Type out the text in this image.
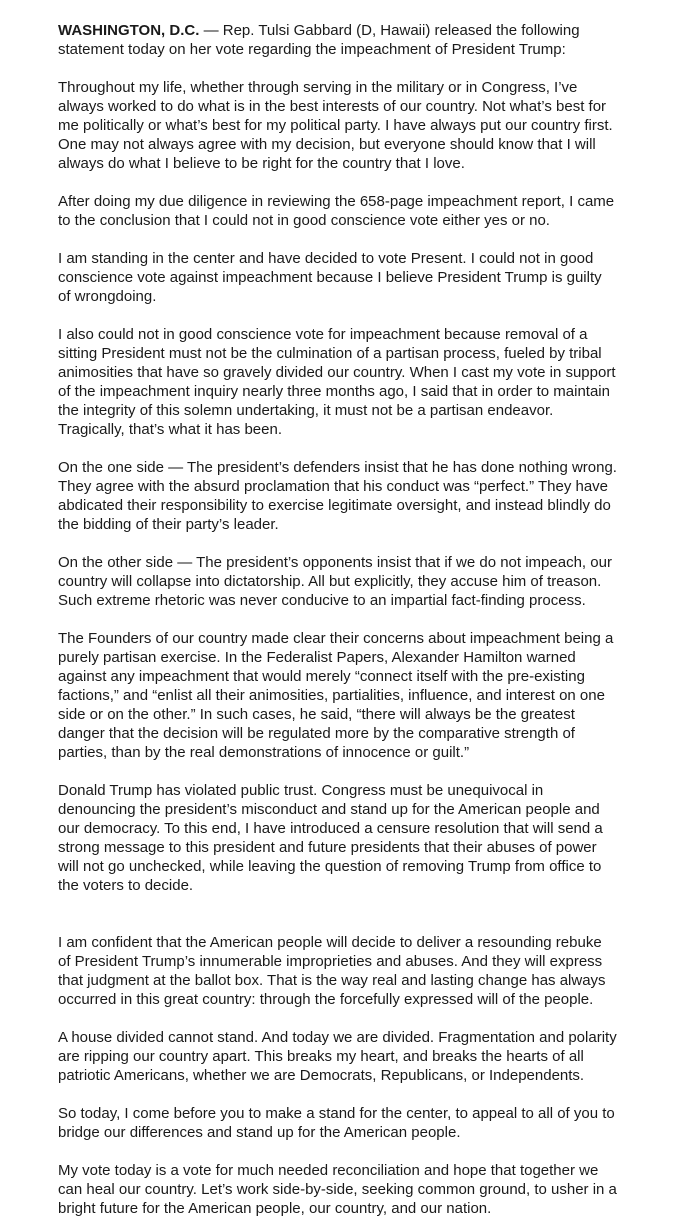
WASHINGTON, D.C. — Rep. Tulsi Gabbard (D, Hawaii) released the following
statement today on her vote regarding the impeachment of President Trump:

Throughout my life, whether through serving in the military or in Congress, I’ve
always worked to do what is in the best interests of our country. Not what’s best for
me politically or what’s best for my political party. I have always put our country first.
One may not always agree with my decision, but everyone should know that I will
always do what I believe to be right for the country that I love.

After doing my due diligence in reviewing the 658-page impeachment report, I came
to the conclusion that I could not in good conscience vote either yes or no.

I am standing in the center and have decided to vote Present. I could not in good
conscience vote against impeachment because I believe President Trump is guilty
of wrongdoing.

I also could not in good conscience vote for impeachment because removal of a
sitting President must not be the culmination of a partisan process, fueled by tribal
animosities that have so gravely divided our country. When I cast my vote in support
of the impeachment inquiry nearly three months ago, I said that in order to maintain
the integrity of this solemn undertaking, it must not be a partisan endeavor.
Tragically, that’s what it has been.

On the one side — The president’s defenders insist that he has done nothing wrong.
They agree with the absurd proclamation that his conduct was “perfect.” They have
abdicated their responsibility to exercise legitimate oversight, and instead blindly do
the bidding of their party’s leader.

On the other side — The president’s opponents insist that if we do not impeach, our
country will collapse into dictatorship. All but explicitly, they accuse him of treason.
Such extreme rhetoric was never conducive to an impartial fact-finding process.

The Founders of our country made clear their concerns about impeachment being a
purely partisan exercise. In the Federalist Papers, Alexander Hamilton warned
against any impeachment that would merely “connect itself with the pre-existing
factions,” and “enlist all their animosities, partialities, influence, and interest on one
side or on the other.” In such cases, he said, “there will always be the greatest
danger that the decision will be regulated more by the comparative strength of
parties, than by the real demonstrations of innocence or guilt.”

Donald Trump has violated public trust. Congress must be unequivocal in
denouncing the president’s misconduct and stand up for the American people and
our democracy. To this end, I have introduced a censure resolution that will send a
strong message to this president and future presidents that their abuses of power
will not go unchecked, while leaving the question of removing Trump from office to
the voters to decide.

I am confident that the American people will decide to deliver a resounding rebuke
of President Trump’s innumerable improprieties and abuses. And they will express
that judgment at the ballot box. That is the way real and lasting change has always
occurred in this great country: through the forcefully expressed will of the people.

A house divided cannot stand. And today we are divided. Fragmentation and polarity
are ripping our country apart. This breaks my heart, and breaks the hearts of all
patriotic Americans, whether we are Democrats, Republicans, or Independents.

So today, I come before you to make a stand for the center, to appeal to all of you to
bridge our differences and stand up for the American people.

My vote today is a vote for much needed reconciliation and hope that together we
can heal our country. Let’s work side-by-side, seeking common ground, to usher in a
bright future for the American people, our country, and our nation.
